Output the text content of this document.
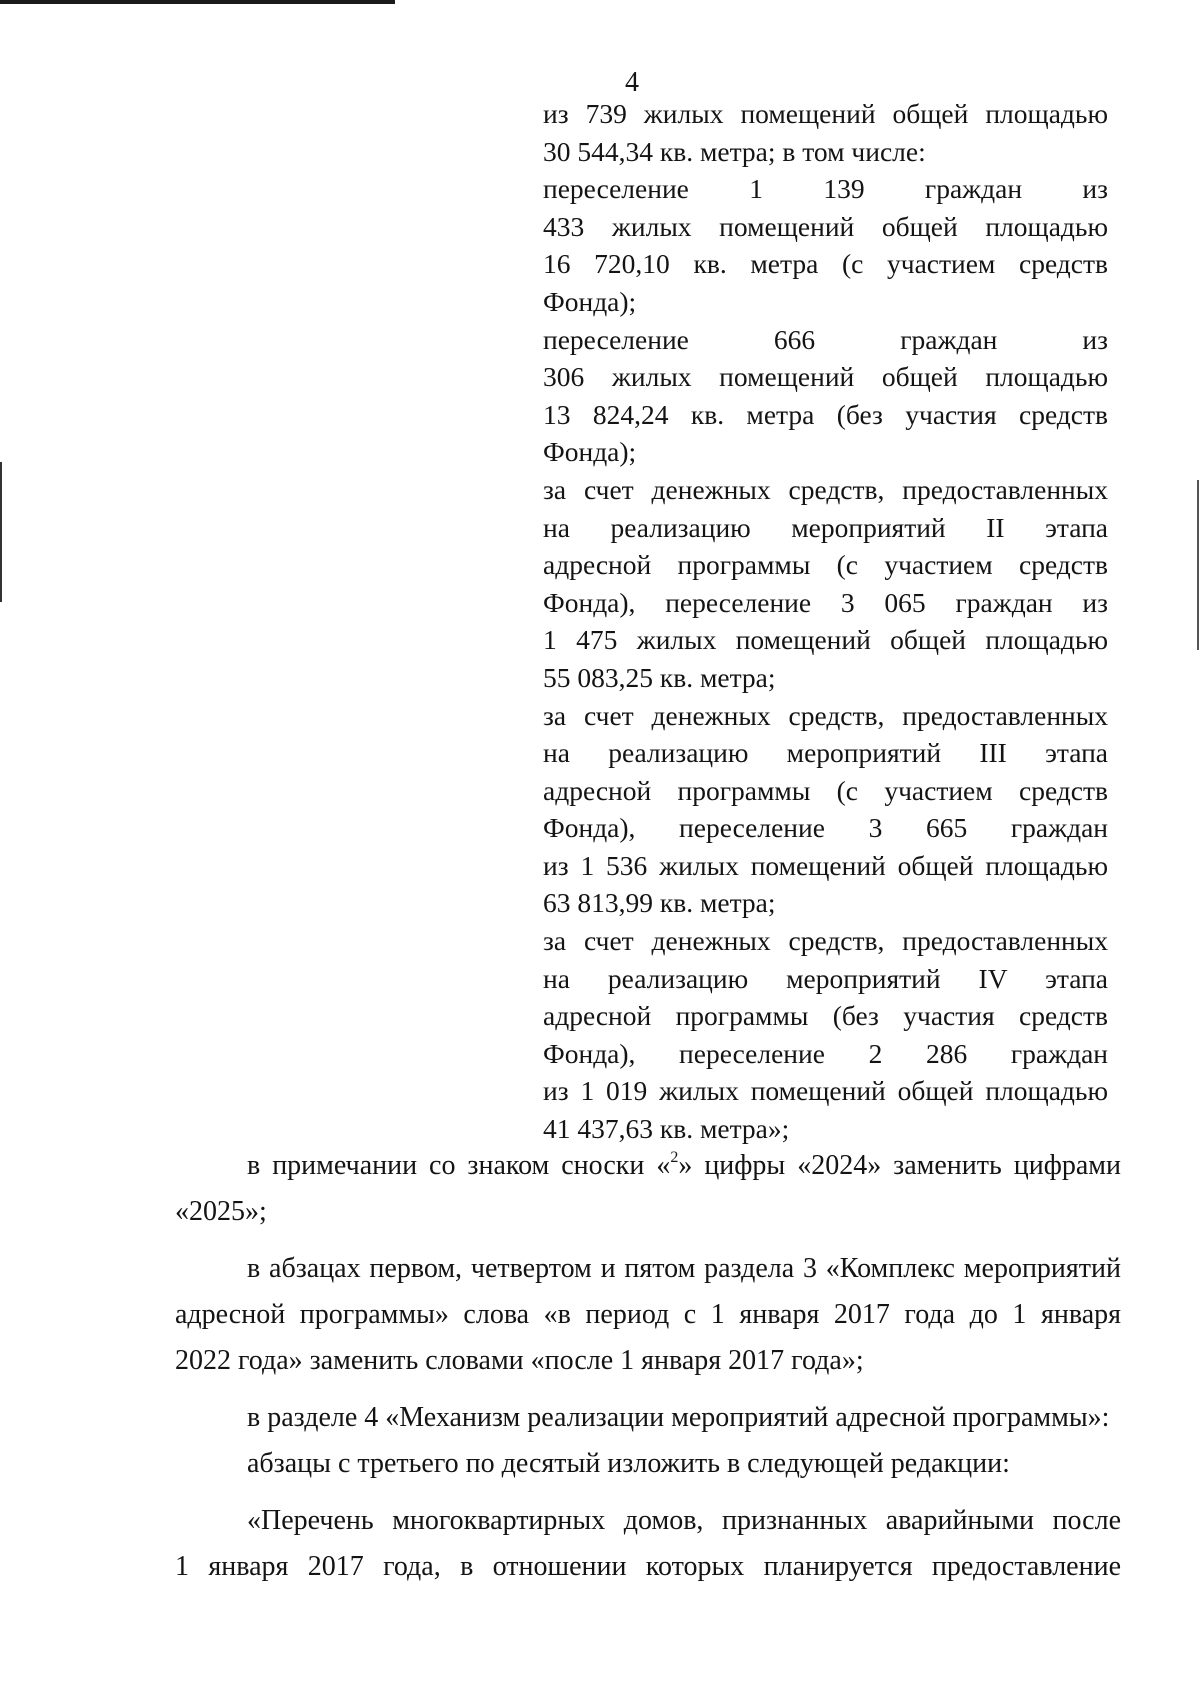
4
из 739 жилых помещений общей площадью
30 544,34 кв. метра; в том числе:
переселение 1 139 граждан из
433 жилых помещений общей площадью
16 720,10 кв. метра (с участием средств
Фонда);
переселение 666 граждан из
306 жилых помещений общей площадью
13 824,24 кв. метра (без участия средств
Фонда);
за счет денежных средств, предоставленных
на реализацию мероприятий II этапа
адресной программы (с участием средств
Фонда), переселение 3 065 граждан из
1 475 жилых помещений общей площадью
55 083,25 кв. метра;
за счет денежных средств, предоставленных
на реализацию мероприятий III этапа
адресной программы (с участием средств
Фонда), переселение 3 665 граждан
из 1 536 жилых помещений общей площадью
63 813,99 кв. метра;
за счет денежных средств, предоставленных
на реализацию мероприятий IV этапа
адресной программы (без участия средств
Фонда), переселение 2 286 граждан
из 1 019 жилых помещений общей площадью
41 437,63 кв. метра»;
в примечании со знаком сноски «$^2$» цифры «2024» заменить цифрами
«2025»;
в абзацах первом, четвертом и пятом раздела 3 «Комплекс мероприятий
адресной программы» слова «в период с 1 января 2017 года до 1 января
2022 года» заменить словами «после 1 января 2017 года»;
в разделе 4 «Механизм реализации мероприятий адресной программы»:
абзацы с третьего по десятый изложить в следующей редакции:
«Перечень многоквартирных домов, признанных аварийными после
1 января 2017 года, в отношении которых планируется предоставление
